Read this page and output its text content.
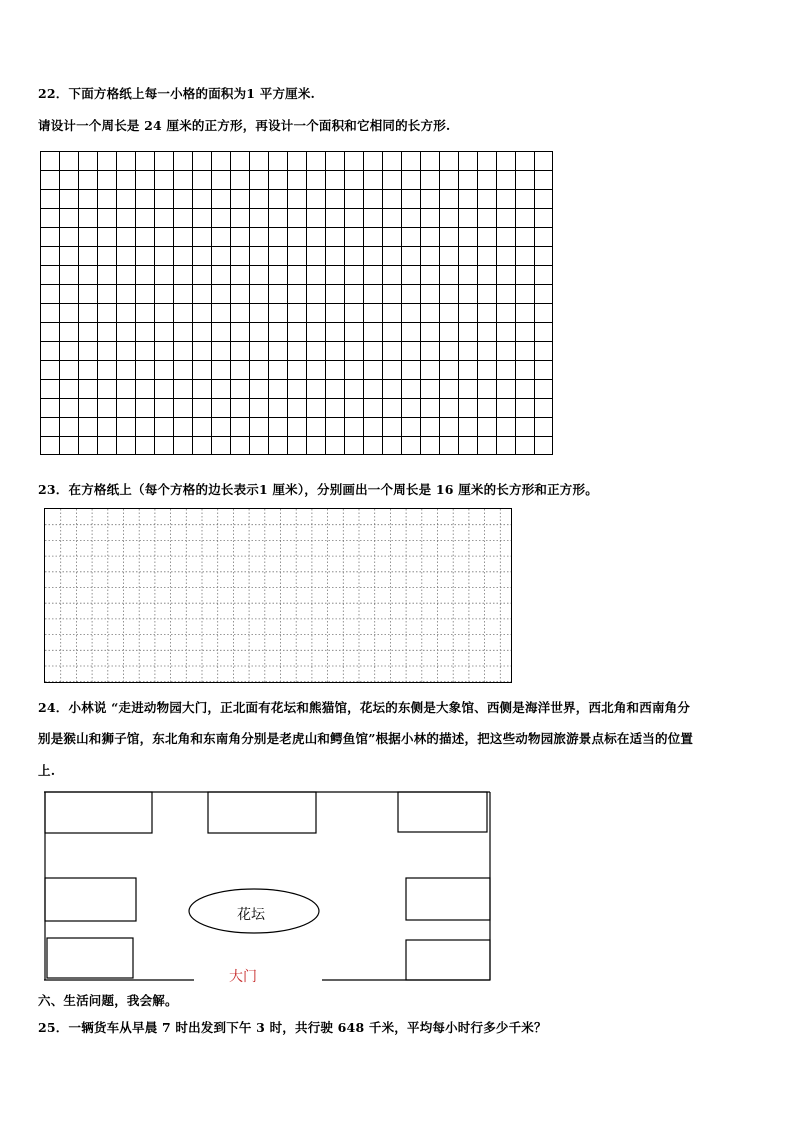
22．下面方格纸上每一小格的面积为1 平方厘米.
请设计一个周长是 24 厘米的正方形，再设计一个面积和它相同的长方形.
23．在方格纸上（每个方格的边长表示1 厘米），分别画出一个周长是 16 厘米的长方形和正方形。
24．小林说 “走进动物园大门，正北面有花坛和熊猫馆，花坛的东侧是大象馆、西侧是海洋世界，西北角和西南角分
别是猴山和狮子馆，东北角和东南角分别是老虎山和鳄鱼馆”根据小林的描述，把这些动物园旅游景点标在适当的位置
上.
花坛
大门
六、生活问题，我会解。
25．一辆货车从早晨 7 时出发到下午 3 时，共行驶 648 千米，平均每小时行多少千米？
